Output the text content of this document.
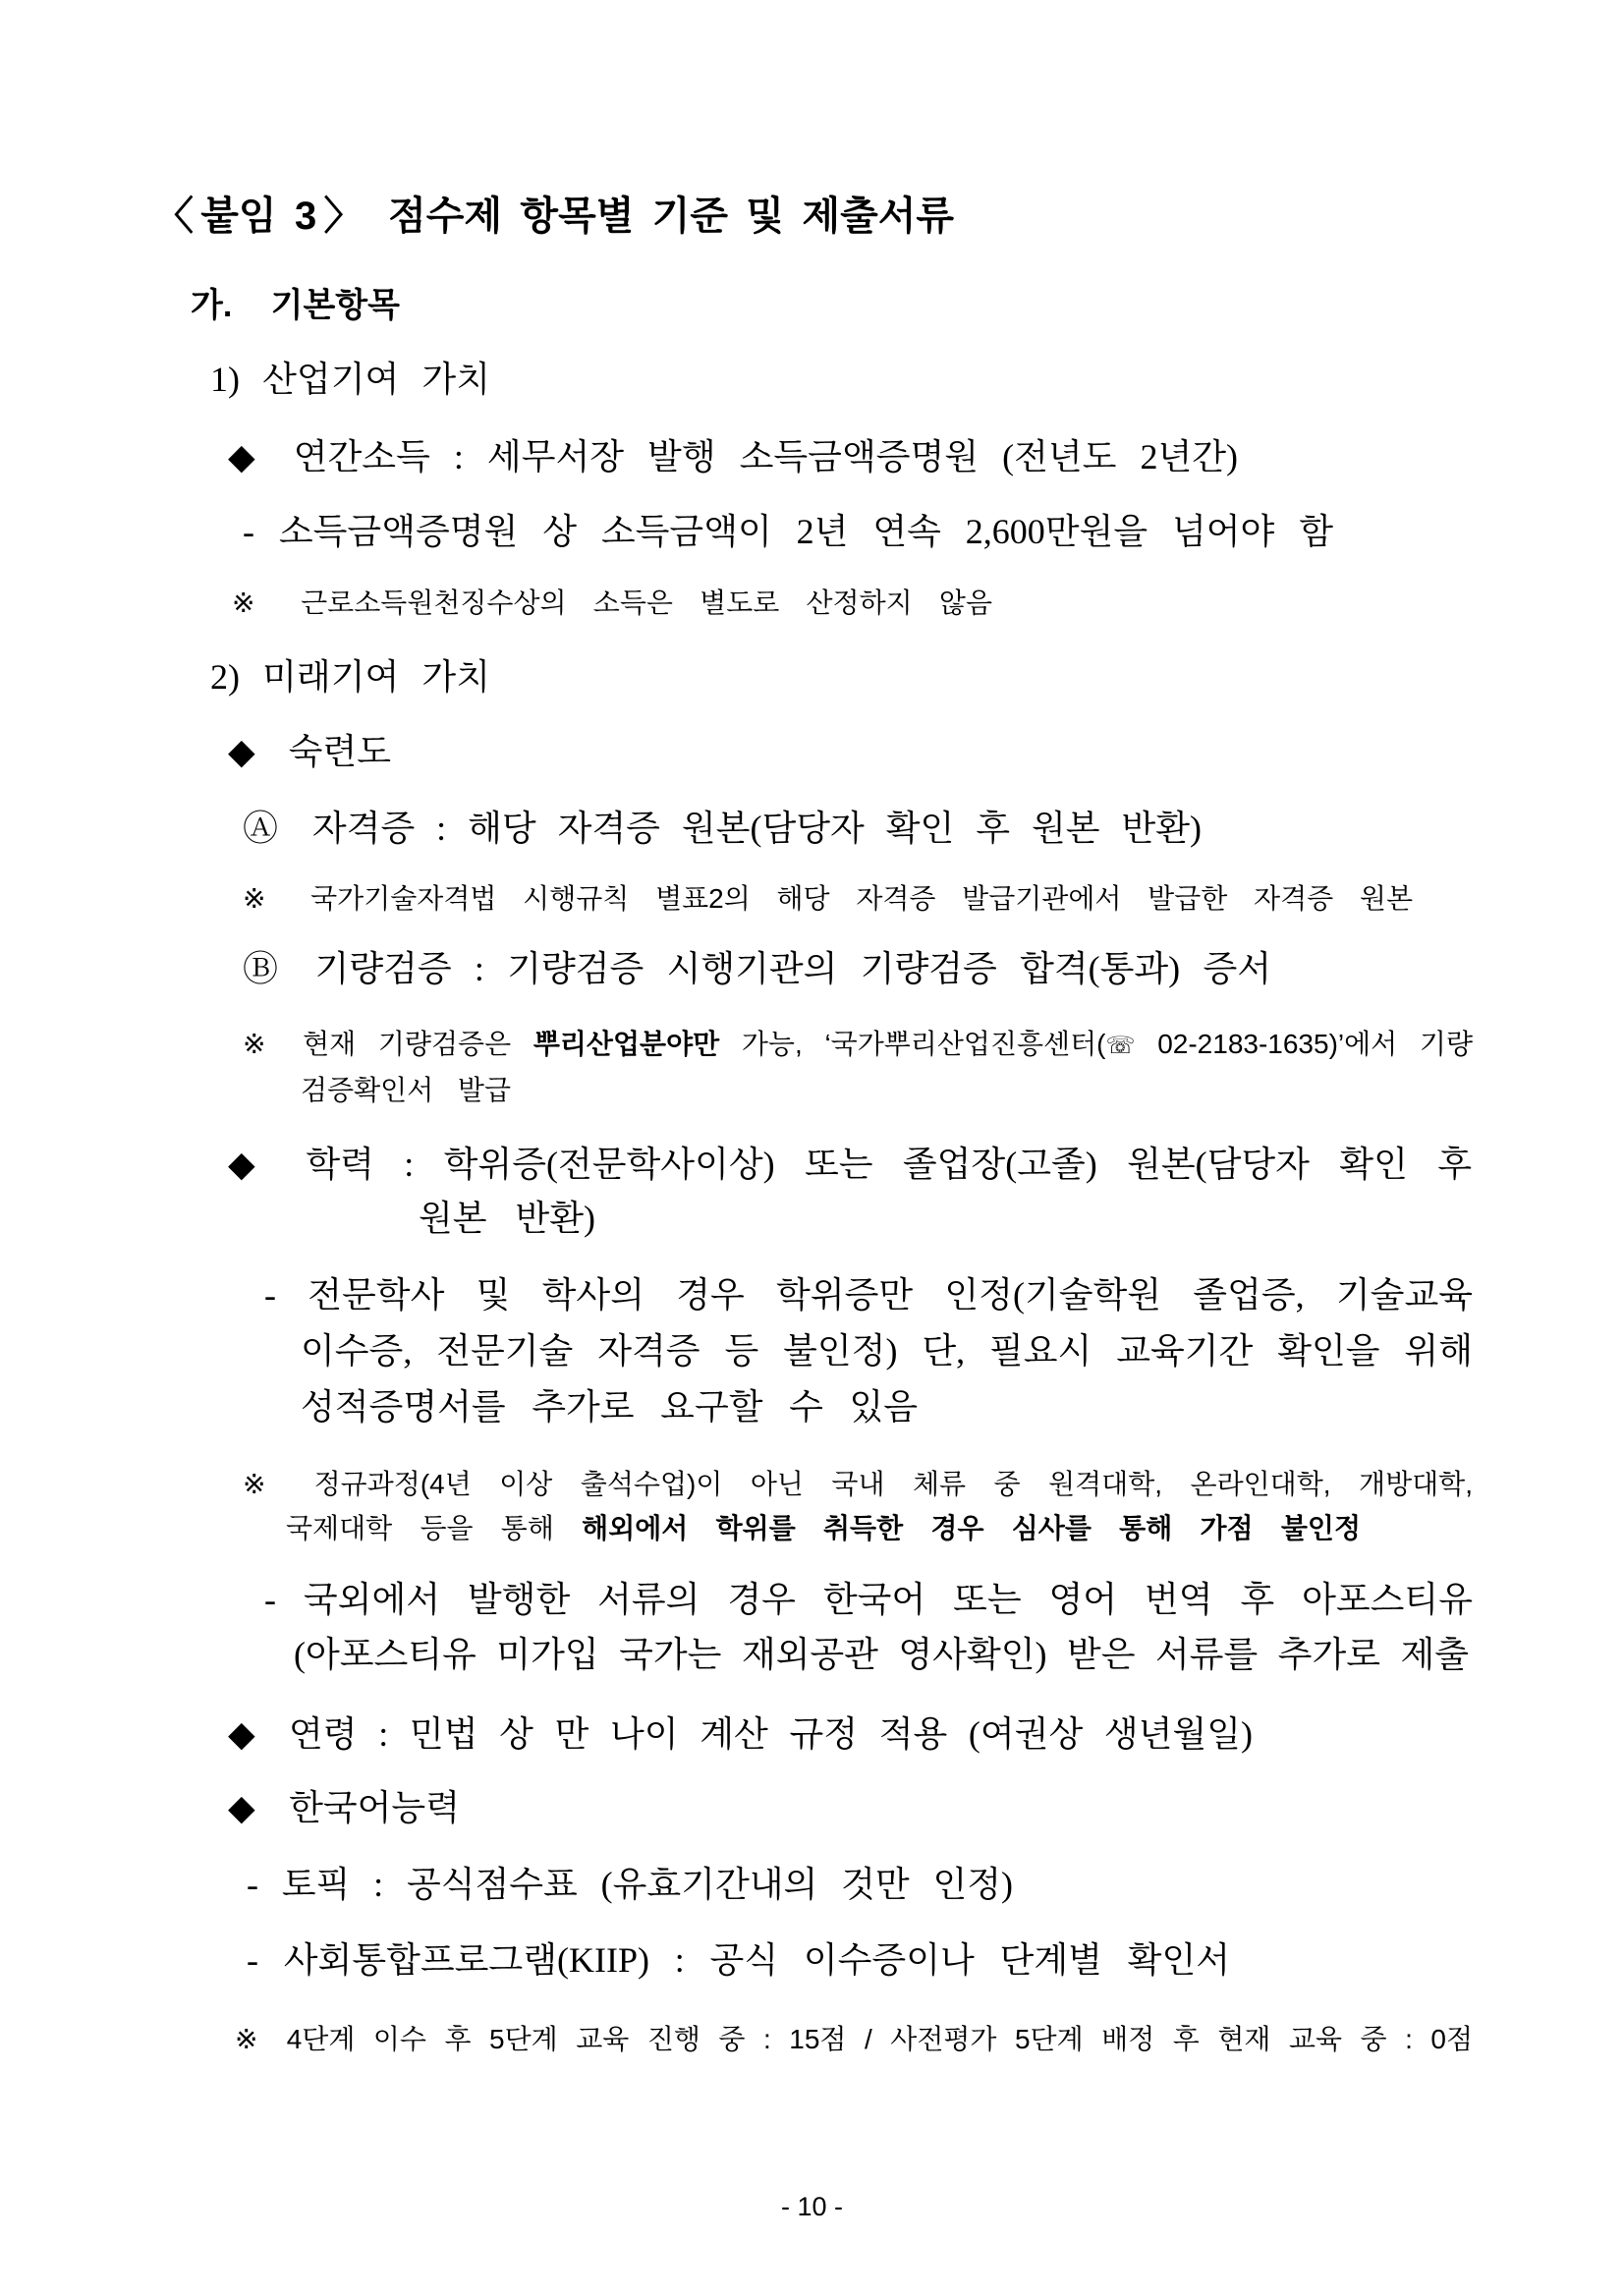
〈붙임 3〉 점수제 항목별 기준 및 제출서류
가. 기본항목
1) 산업기여 가치
◆ 연간소득 : 세무서장 발행 소득금액증명원 (전년도 2년간)
- 소득금액증명원 상 소득금액이 2년 연속 2,600만원을 넘어야 함
※ 근로소득원천징수상의 소득은 별도로 산정하지 않음
2) 미래기여 가치
◆ 숙련도
Ⓐ 자격증 : 해당 자격증 원본(담당자 확인 후 원본 반환)
※ 국가기술자격법 시행규칙 별표2의 해당 자격증 발급기관에서 발급한 자격증 원본
Ⓑ 기량검증 : 기량검증 시행기관의 기량검증 합격(통과) 증서
※ 현재 기량검증은 뿌리산업분야만 가능, ‘국가뿌리산업진흥센터(☏ 02-2183-1635)’에서 기량
검증확인서 발급
◆ 학력 : 학위증(전문학사이상) 또는 졸업장(고졸) 원본(담당자 확인 후
원본 반환)
- 전문학사 및 학사의 경우 학위증만 인정(기술학원 졸업증, 기술교육
이수증, 전문기술 자격증 등 불인정) 단, 필요시 교육기간 확인을 위해
성적증명서를 추가로 요구할 수 있음
※ 정규과정(4년 이상 출석수업)이 아닌 국내 체류 중 원격대학, 온라인대학, 개방대학,
국제대학 등을 통해 해외에서 학위를 취득한 경우 심사를 통해 가점 불인정
- 국외에서 발행한 서류의 경우 한국어 또는 영어 번역 후 아포스티유
(아포스티유 미가입 국가는 재외공관 영사확인) 받은 서류를 추가로 제출
◆ 연령 : 민법 상 만 나이 계산 규정 적용 (여권상 생년월일)
◆ 한국어능력
- 토픽 : 공식점수표 (유효기간내의 것만 인정)
- 사회통합프로그램(KIIP) : 공식 이수증이나 단계별 확인서
※ 4단계 이수 후 5단계 교육 진행 중 : 15점 / 사전평가 5단계 배정 후 현재 교육 중 : 0점
- 10 -
